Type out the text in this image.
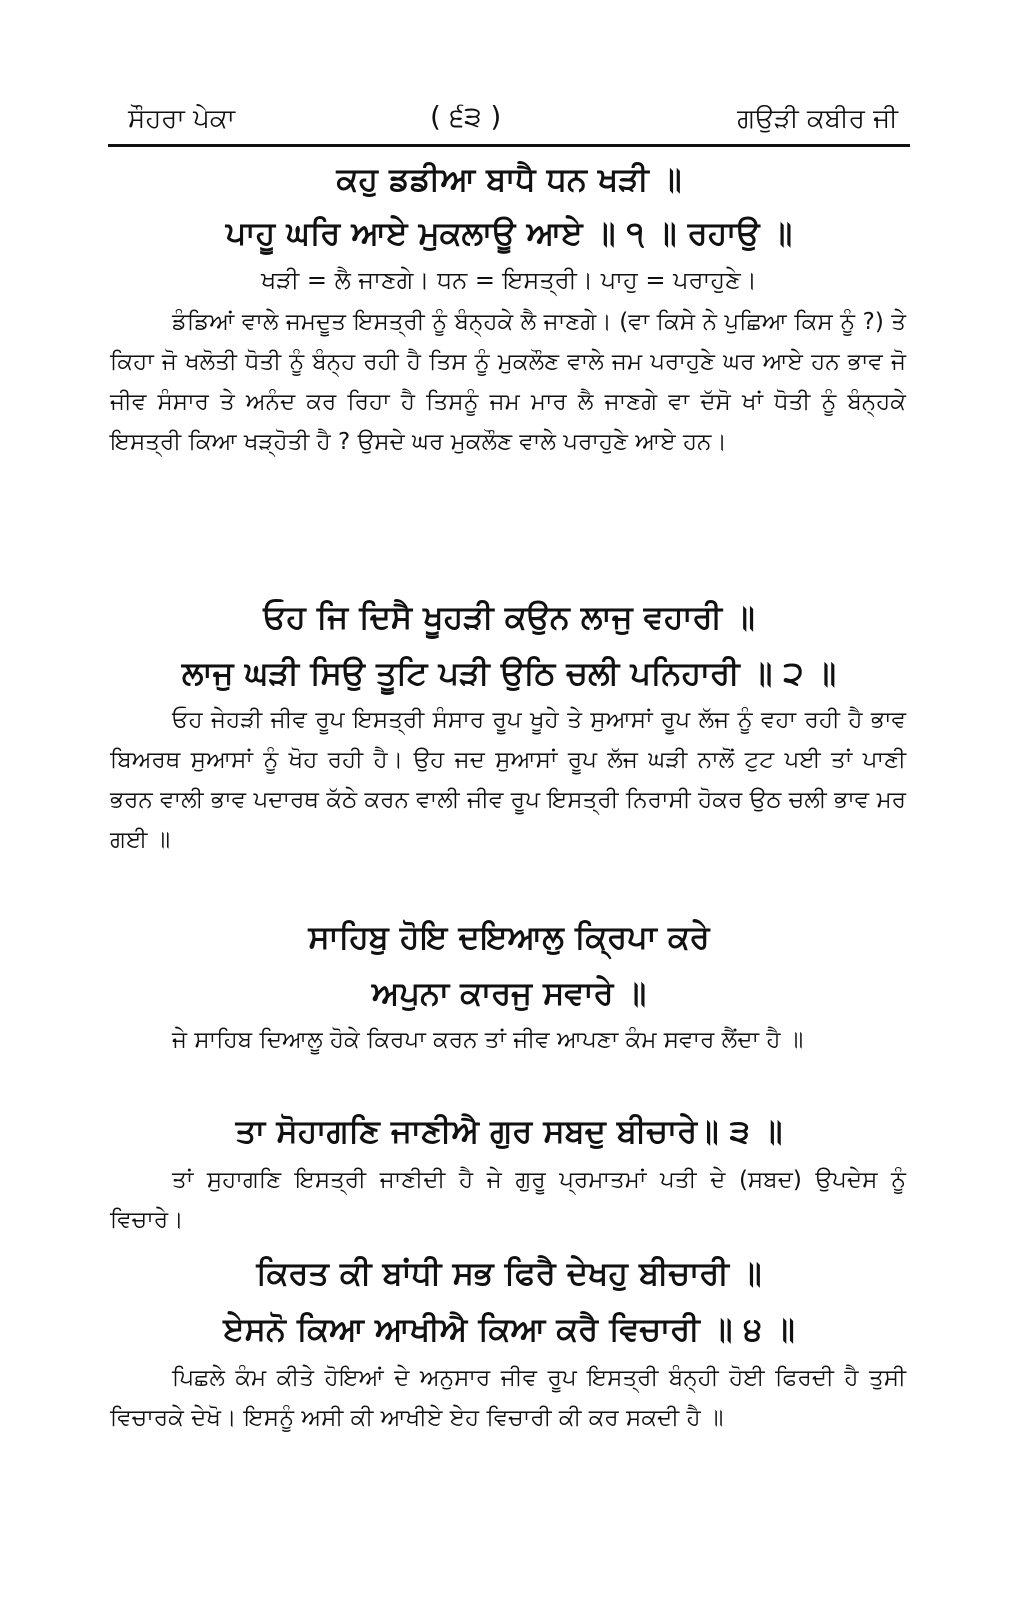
ਸੌਹਰਾ ਪੇਕਾ	( ੬੩ )	ਗਉੜੀ ਕਬੀਰ ਜੀ
ਕਹੁ ਡਡੀਆ ਬਾਧੈ ਧਨ ਖੜੀ ॥
ਪਾਹੂ ਘਰਿ ਆਏ ਮੁਕਲਾਊ ਆਏ ॥ ੧ ॥ ਰਹਾਉ ॥
ਖੜੀ = ਲੈ ਜਾਣਗੇ। ਧਨ = ਇਸਤ੍ਰੀ। ਪਾਹੁ = ਪਰਾਹੁਣੇ।
ਡੰਡਿਆਂ ਵਾਲੇ ਜਮਦੂਤ ਇਸਤ੍ਰੀ ਨੂੰ ਬੰਨ੍ਹਕੇ ਲੈ ਜਾਣਗੇ। (ਵਾ ਕਿਸੇ ਨੇ ਪੁਛਿਆ ਕਿਸ ਨੂੰ ?) ਤੇ ਕਿਹਾ ਜੋ ਖਲੋਤੀ ਧੋਤੀ ਨੂੰ ਬੰਨ੍ਹ ਰਹੀ ਹੈ ਤਿਸ ਨੂੰ ਮੁਕਲੌਣ ਵਾਲੇ ਜਮ ਪਰਾਹੁਣੇ ਘਰ ਆਏ ਹਨ ਭਾਵ ਜੋ ਜੀਵ ਸੰਸਾਰ ਤੇ ਅਨੰਦ ਕਰ ਰਿਹਾ ਹੈ ਤਿਸਨੂੰ ਜਮ ਮਾਰ ਲੈ ਜਾਣਗੇ ਵਾ ਦੱਸੋ ਖਾਂ ਧੋਤੀ ਨੂੰ ਬੰਨ੍ਹਕੇ ਇਸਤ੍ਰੀ ਕਿਆ ਖੜ੍ਹੋਤੀ ਹੈ ? ਉਸਦੇ ਘਰ ਮੁਕਲੌਣ ਵਾਲੇ ਪਰਾਹੁਣੇ ਆਏ ਹਨ।
ਓਹ ਜਿ ਦਿਸੈ ਖੂਹੜੀ ਕਉਨ ਲਾਜੁ ਵਹਾਰੀ ॥
ਲਾਜੁ ਘੜੀ ਸਿਉ ਤੂਟਿ ਪੜੀ ਉਠਿ ਚਲੀ ਪਨਿਹਾਰੀ ॥ ੨ ॥
ਓਹ ਜੇਹੜੀ ਜੀਵ ਰੂਪ ਇਸਤ੍ਰੀ ਸੰਸਾਰ ਰੂਪ ਖੂਹੇ ਤੇ ਸੁਆਸਾਂ ਰੂਪ ਲੱਜ ਨੂੰ ਵਹਾ ਰਹੀ ਹੈ ਭਾਵ ਬਿਅਰਥ ਸੁਆਸਾਂ ਨੂੰ ਖੋਹ ਰਹੀ ਹੈ। ਉਹ ਜਦ ਸੁਆਸਾਂ ਰੂਪ ਲੱਜ ਘੜੀ ਨਾਲੋਂ ਟੁਟ ਪਈ ਤਾਂ ਪਾਣੀ ਭਰਨ ਵਾਲੀ ਭਾਵ ਪਦਾਰਥ ਕੱਠੇ ਕਰਨ ਵਾਲੀ ਜੀਵ ਰੂਪ ਇਸਤ੍ਰੀ ਨਿਰਾਸੀ ਹੋਕਰ ਉਠ ਚਲੀ ਭਾਵ ਮਰ ਗਈ ॥
ਸਾਹਿਬੁ ਹੋਇ ਦਇਆਲੁ ਕ੍ਰਿਪਾ ਕਰੇ
ਅਪੁਨਾ ਕਾਰਜੁ ਸਵਾਰੇ ॥
ਜੇ ਸਾਹਿਬ ਦਿਆਲੂ ਹੋਕੇ ਕਿਰਪਾ ਕਰਨ ਤਾਂ ਜੀਵ ਆਪਣਾ ਕੰਮ ਸਵਾਰ ਲੈਂਦਾ ਹੈ ॥
ਤਾ ਸੋਹਾਗਣਿ ਜਾਣੀਐ ਗੁਰ ਸਬਦੁ ਬੀਚਾਰੇ॥ ੩ ॥
ਤਾਂ ਸੁਹਾਗਣਿ ਇਸਤ੍ਰੀ ਜਾਣੀਦੀ ਹੈ ਜੇ ਗੁਰੂ ਪ੍ਰਮਾਤਮਾਂ ਪਤੀ ਦੇ (ਸਬਦ) ਉਪਦੇਸ ਨੂੰ ਵਿਚਾਰੇ।
ਕਿਰਤ ਕੀ ਬਾਂਧੀ ਸਭ ਫਿਰੈ ਦੇਖਹੁ ਬੀਚਾਰੀ ॥
ਏਸਨੋ ਕਿਆ ਆਖੀਐ ਕਿਆ ਕਰੈ ਵਿਚਾਰੀ ॥ ੪ ॥
ਪਿਛਲੇ ਕੰਮ ਕੀਤੇ ਹੋਇਆਂ ਦੇ ਅਨੁਸਾਰ ਜੀਵ ਰੂਪ ਇਸਤ੍ਰੀ ਬੰਨ੍ਹੀ ਹੋਈ ਫਿਰਦੀ ਹੈ ਤੁਸੀ ਵਿਚਾਰਕੇ ਦੇਖੋ। ਇਸਨੂੰ ਅਸੀ ਕੀ ਆਖੀਏ ਏਹ ਵਿਚਾਰੀ ਕੀ ਕਰ ਸਕਦੀ ਹੈ ॥
